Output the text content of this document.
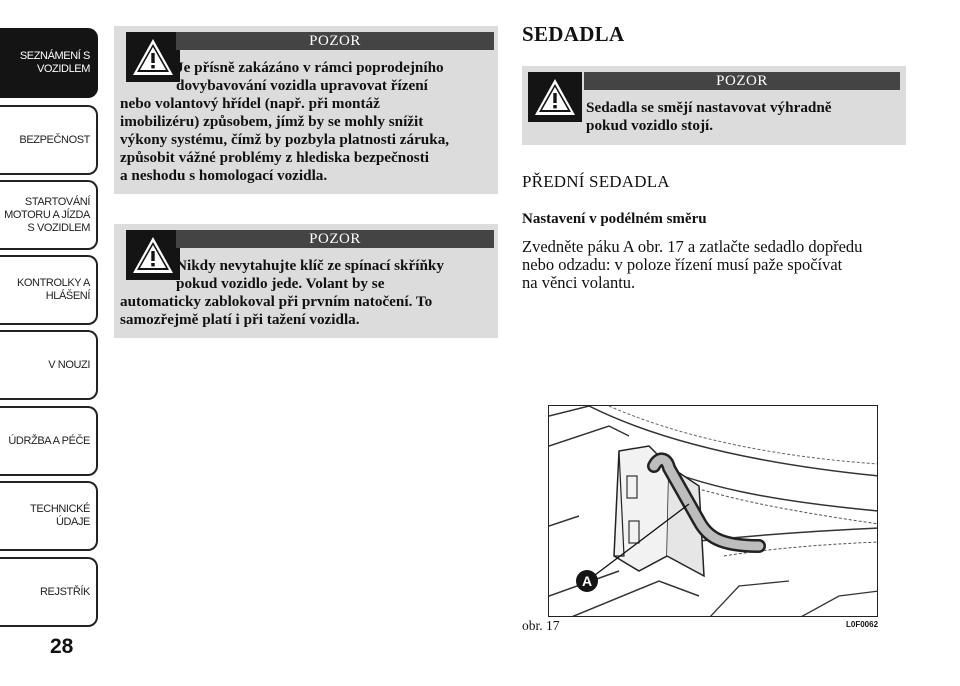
SEZNÁMENÍ S
VOZIDLEM
BEZPEČNOST
STARTOVÁNÍ
MOTORU A JÍZDA
S VOZIDLEM
KONTROLKY A
HLÁŠENÍ
V NOUZI
ÚDRŽBA A PÉČE
TECHNICKÉ
ÚDAJE
REJSTŘÍK
28
POZOR
Je přísně zakázáno v rámci poprodejního
dovybavování vozidla upravovat řízení
nebo volantový hřídel (např. při montáž
imobilizéru) způsobem, jímž by se mohly snížit
výkony systému, čímž by pozbyla platnosti záruka,
způsobit vážné problémy z hlediska bezpečnosti
a neshodu s homologací vozidla.
POZOR
Nikdy nevytahujte klíč ze spínací skříňky
pokud vozidlo jede. Volant by se
automaticky zablokoval při prvním natočení. To
samozřejmě platí i při tažení vozidla.
SEDADLA
POZOR
Sedadla se smějí nastavovat výhradně
pokud vozidlo stojí.
PŘEDNÍ SEDADLA
Nastavení v podélném směru
Zvedněte páku A obr. 17 a zatlačte sedadlo dopředu
nebo odzadu: v poloze řízení musí paže spočívat
na věnci volantu.
A
obr. 17	L0F0062
